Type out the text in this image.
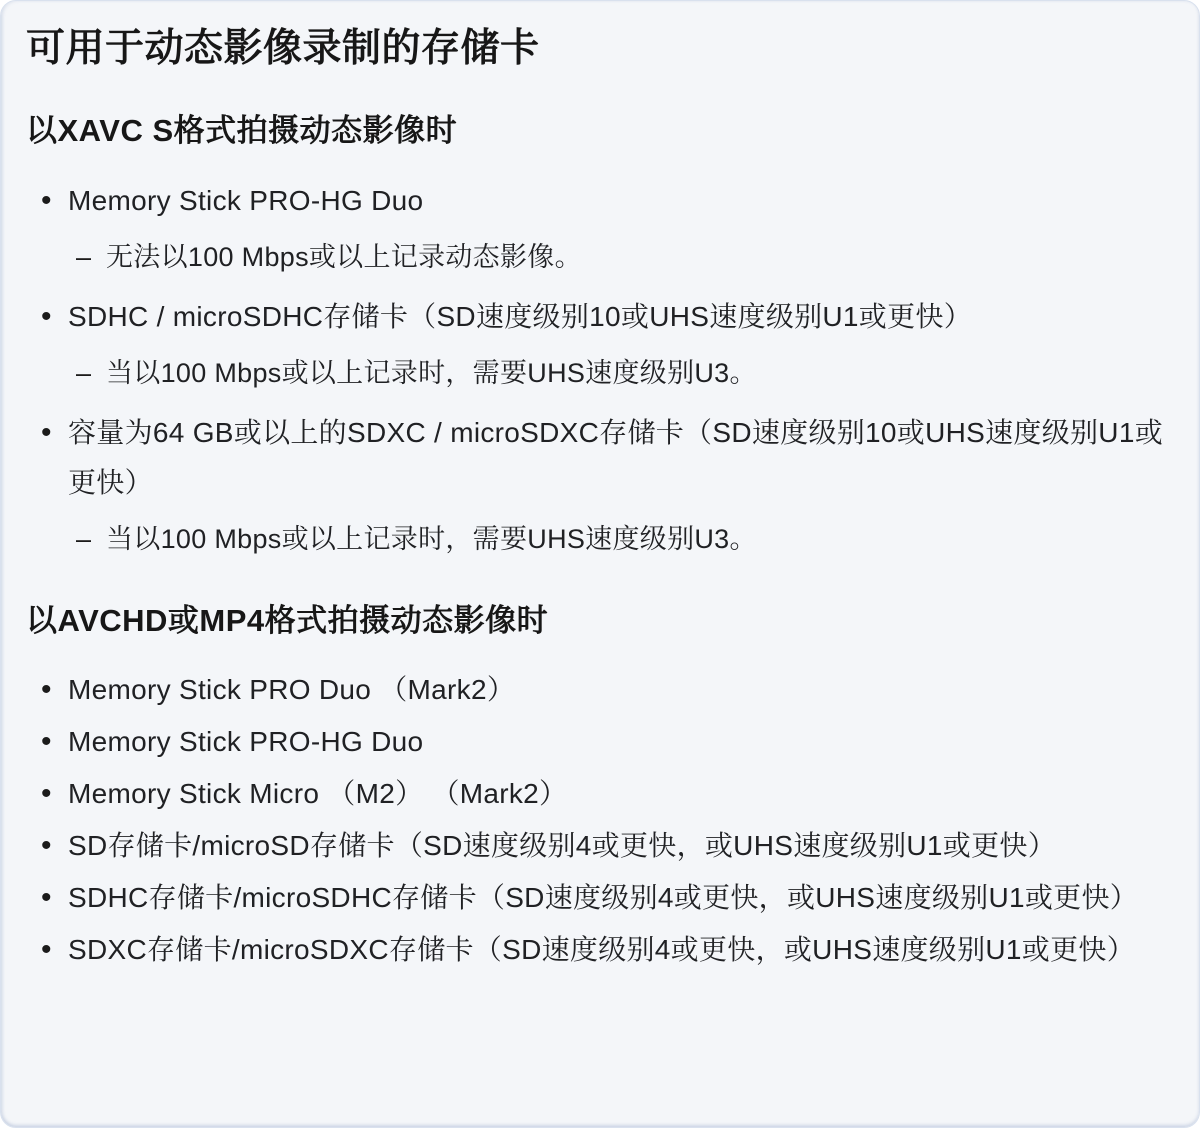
可用于动态影像录制的存储卡
以XAVC S格式拍摄动态影像时
• Memory Stick PRO-HG Duo
– 无法以100 Mbps或以上记录动态影像。
• SDHC / microSDHC存储卡（SD速度级别10或UHS速度级别U1或更快）
– 当以100 Mbps或以上记录时，需要UHS速度级别U3。
• 容量为64 GB或以上的SDXC / microSDXC存储卡（SD速度级别10或UHS速度级别U1或更快）
– 当以100 Mbps或以上记录时，需要UHS速度级别U3。
以AVCHD或MP4格式拍摄动态影像时
• Memory Stick PRO Duo （Mark2）
• Memory Stick PRO-HG Duo
• Memory Stick Micro （M2） （Mark2）
• SD存储卡/microSD存储卡（SD速度级别4或更快，或UHS速度级别U1或更快）
• SDHC存储卡/microSDHC存储卡（SD速度级别4或更快，或UHS速度级别U1或更快）
• SDXC存储卡/microSDXC存储卡（SD速度级别4或更快，或UHS速度级别U1或更快）
